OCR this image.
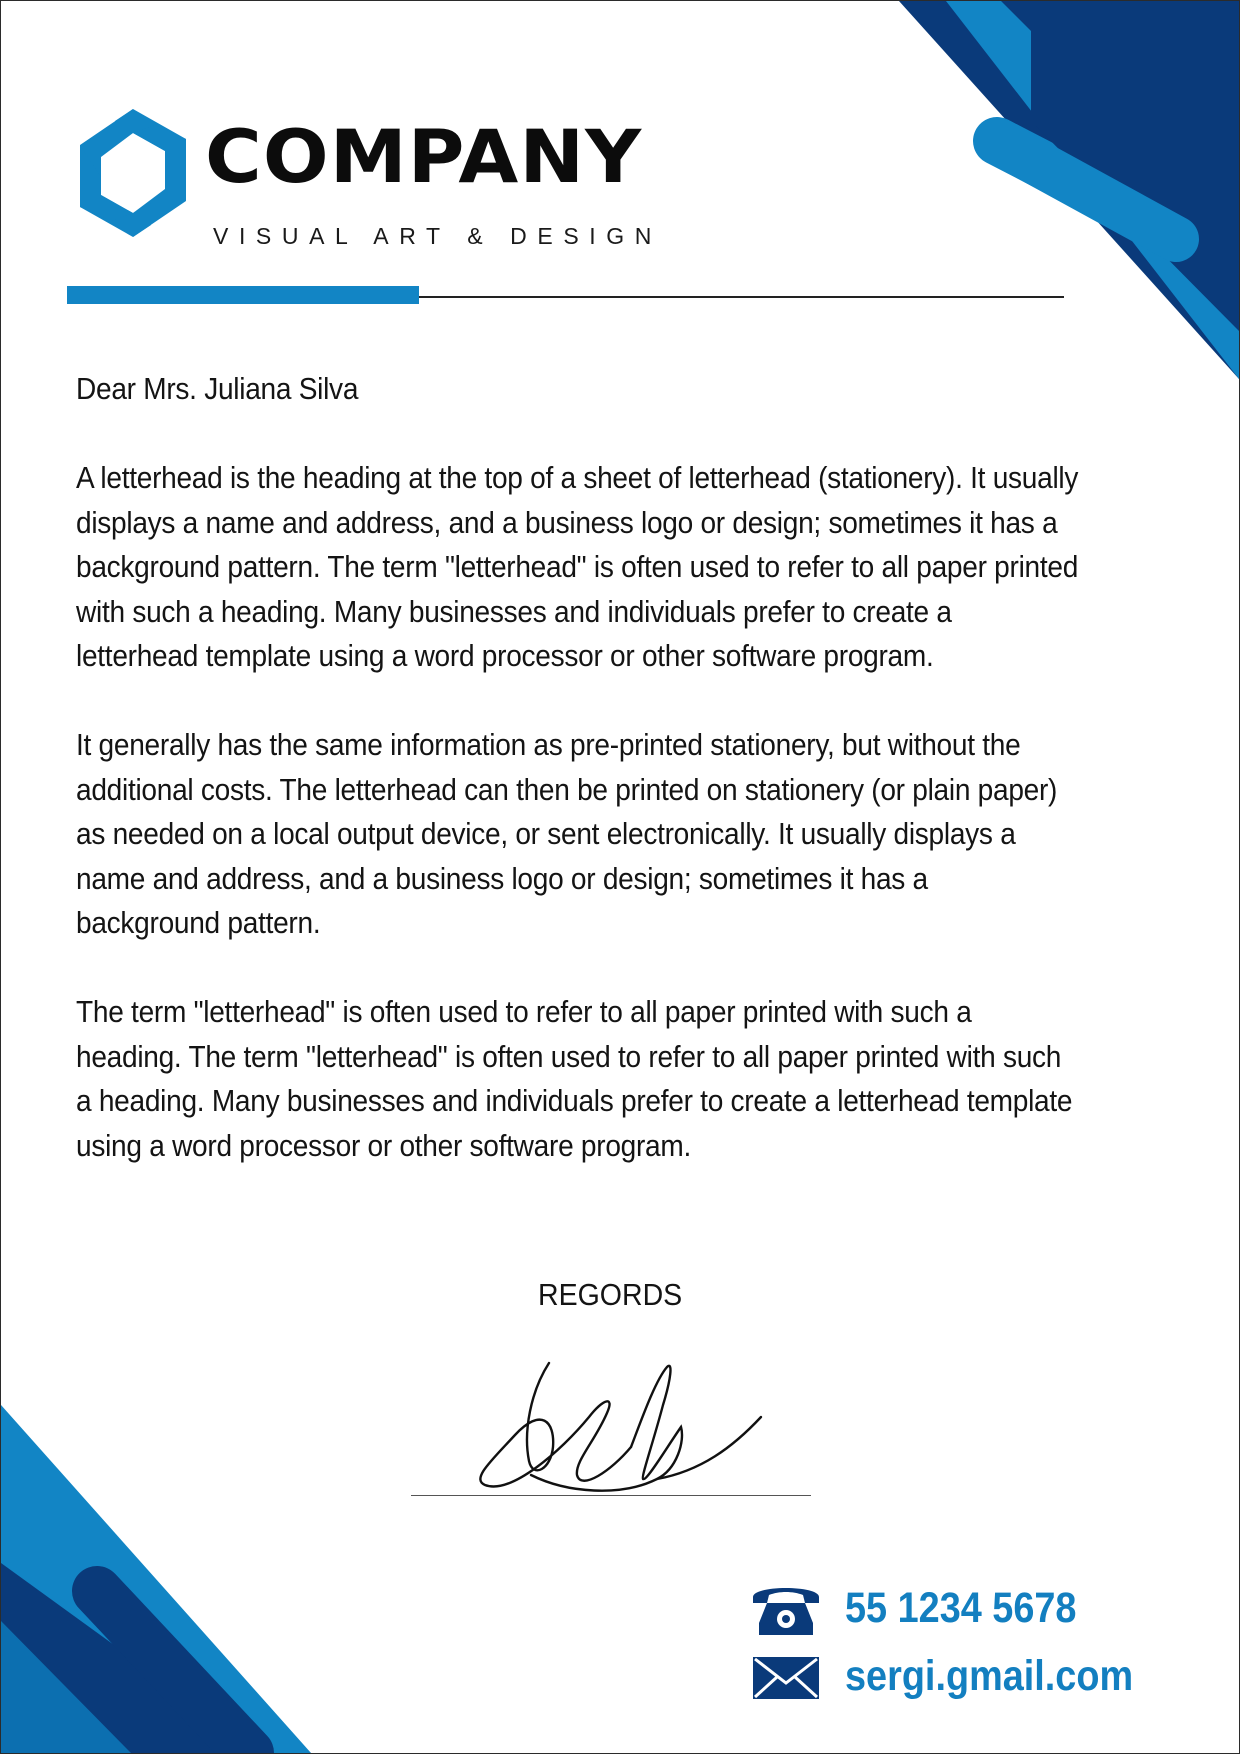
COMPANY
VISUAL ART & DESIGN

Dear Mrs. Juliana Silva

A letterhead is the heading at the top of a sheet of letterhead (stationery). It usually displays a name and address, and a business logo or design; sometimes it has a background pattern. The term "letterhead" is often used to refer to all paper printed with such a heading. Many businesses and individuals prefer to create a letterhead template using a word processor or other software program.

It generally has the same information as pre-printed stationery, but without the additional costs. The letterhead can then be printed on stationery (or plain paper) as needed on a local output device, or sent electronically. It usually displays a name and address, and a business logo or design; sometimes it has a background pattern.

The term "letterhead" is often used to refer to all paper printed with such a heading. The term "letterhead" is often used to refer to all paper printed with such a heading. Many businesses and individuals prefer to create a letterhead template using a word processor or other software program.

REGORDS
55 1234 5678
sergi.gmail.com
